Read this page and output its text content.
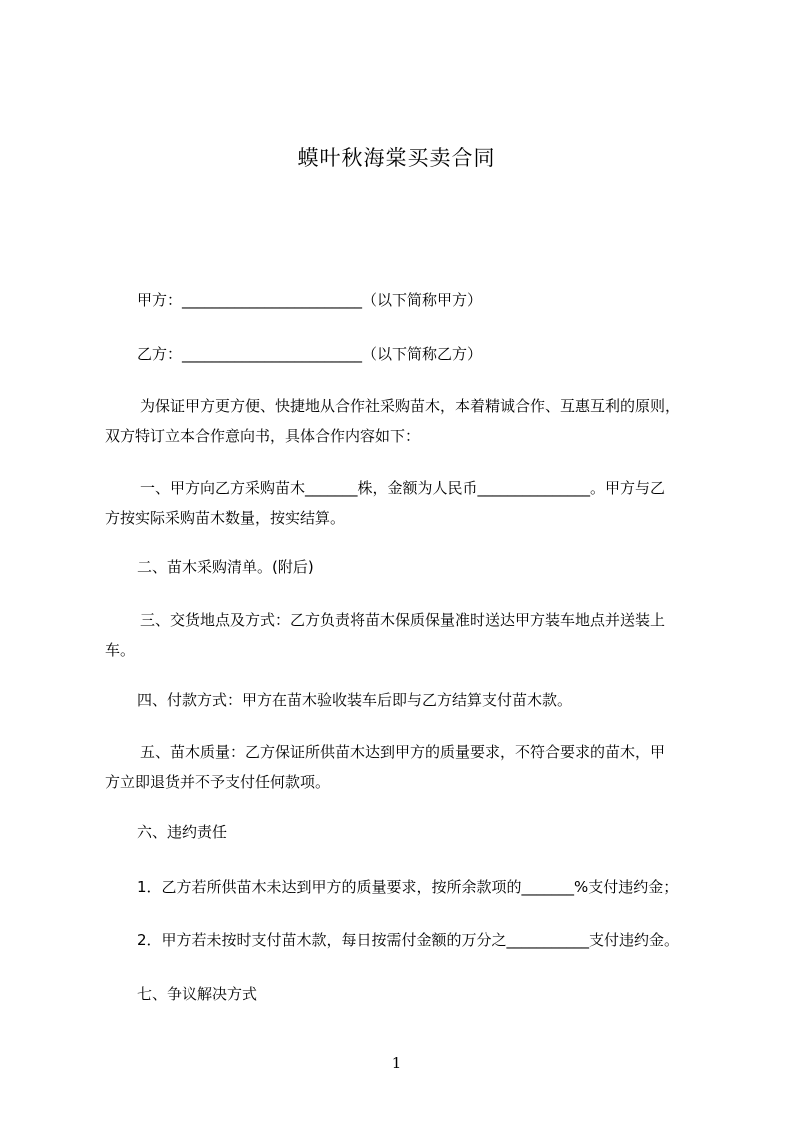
蟆叶秋海棠买卖合同
甲方：________________________（以下简称甲方）
乙方：________________________（以下简称乙方）
为保证甲方更方便、快捷地从合作社采购苗木，本着精诚合作、互惠互利的原则，
双方特订立本合作意向书，具体合作内容如下：
一、甲方向乙方采购苗木_______株，金额为人民币_______________。甲方与乙
方按实际采购苗木数量，按实结算。
二、苗木采购清单。(附后)
三、交货地点及方式：乙方负责将苗木保质保量准时送达甲方装车地点并送装上
车。
四、付款方式：甲方在苗木验收装车后即与乙方结算支付苗木款。
五、苗木质量：乙方保证所供苗木达到甲方的质量要求，不符合要求的苗木，甲
方立即退货并不予支付任何款项。
六、违约责任
1．乙方若所供苗木未达到甲方的质量要求，按所余款项的_______%支付违约金；
2．甲方若未按时支付苗木款，每日按需付金额的万分之___________支付违约金。
七、争议解决方式
1
